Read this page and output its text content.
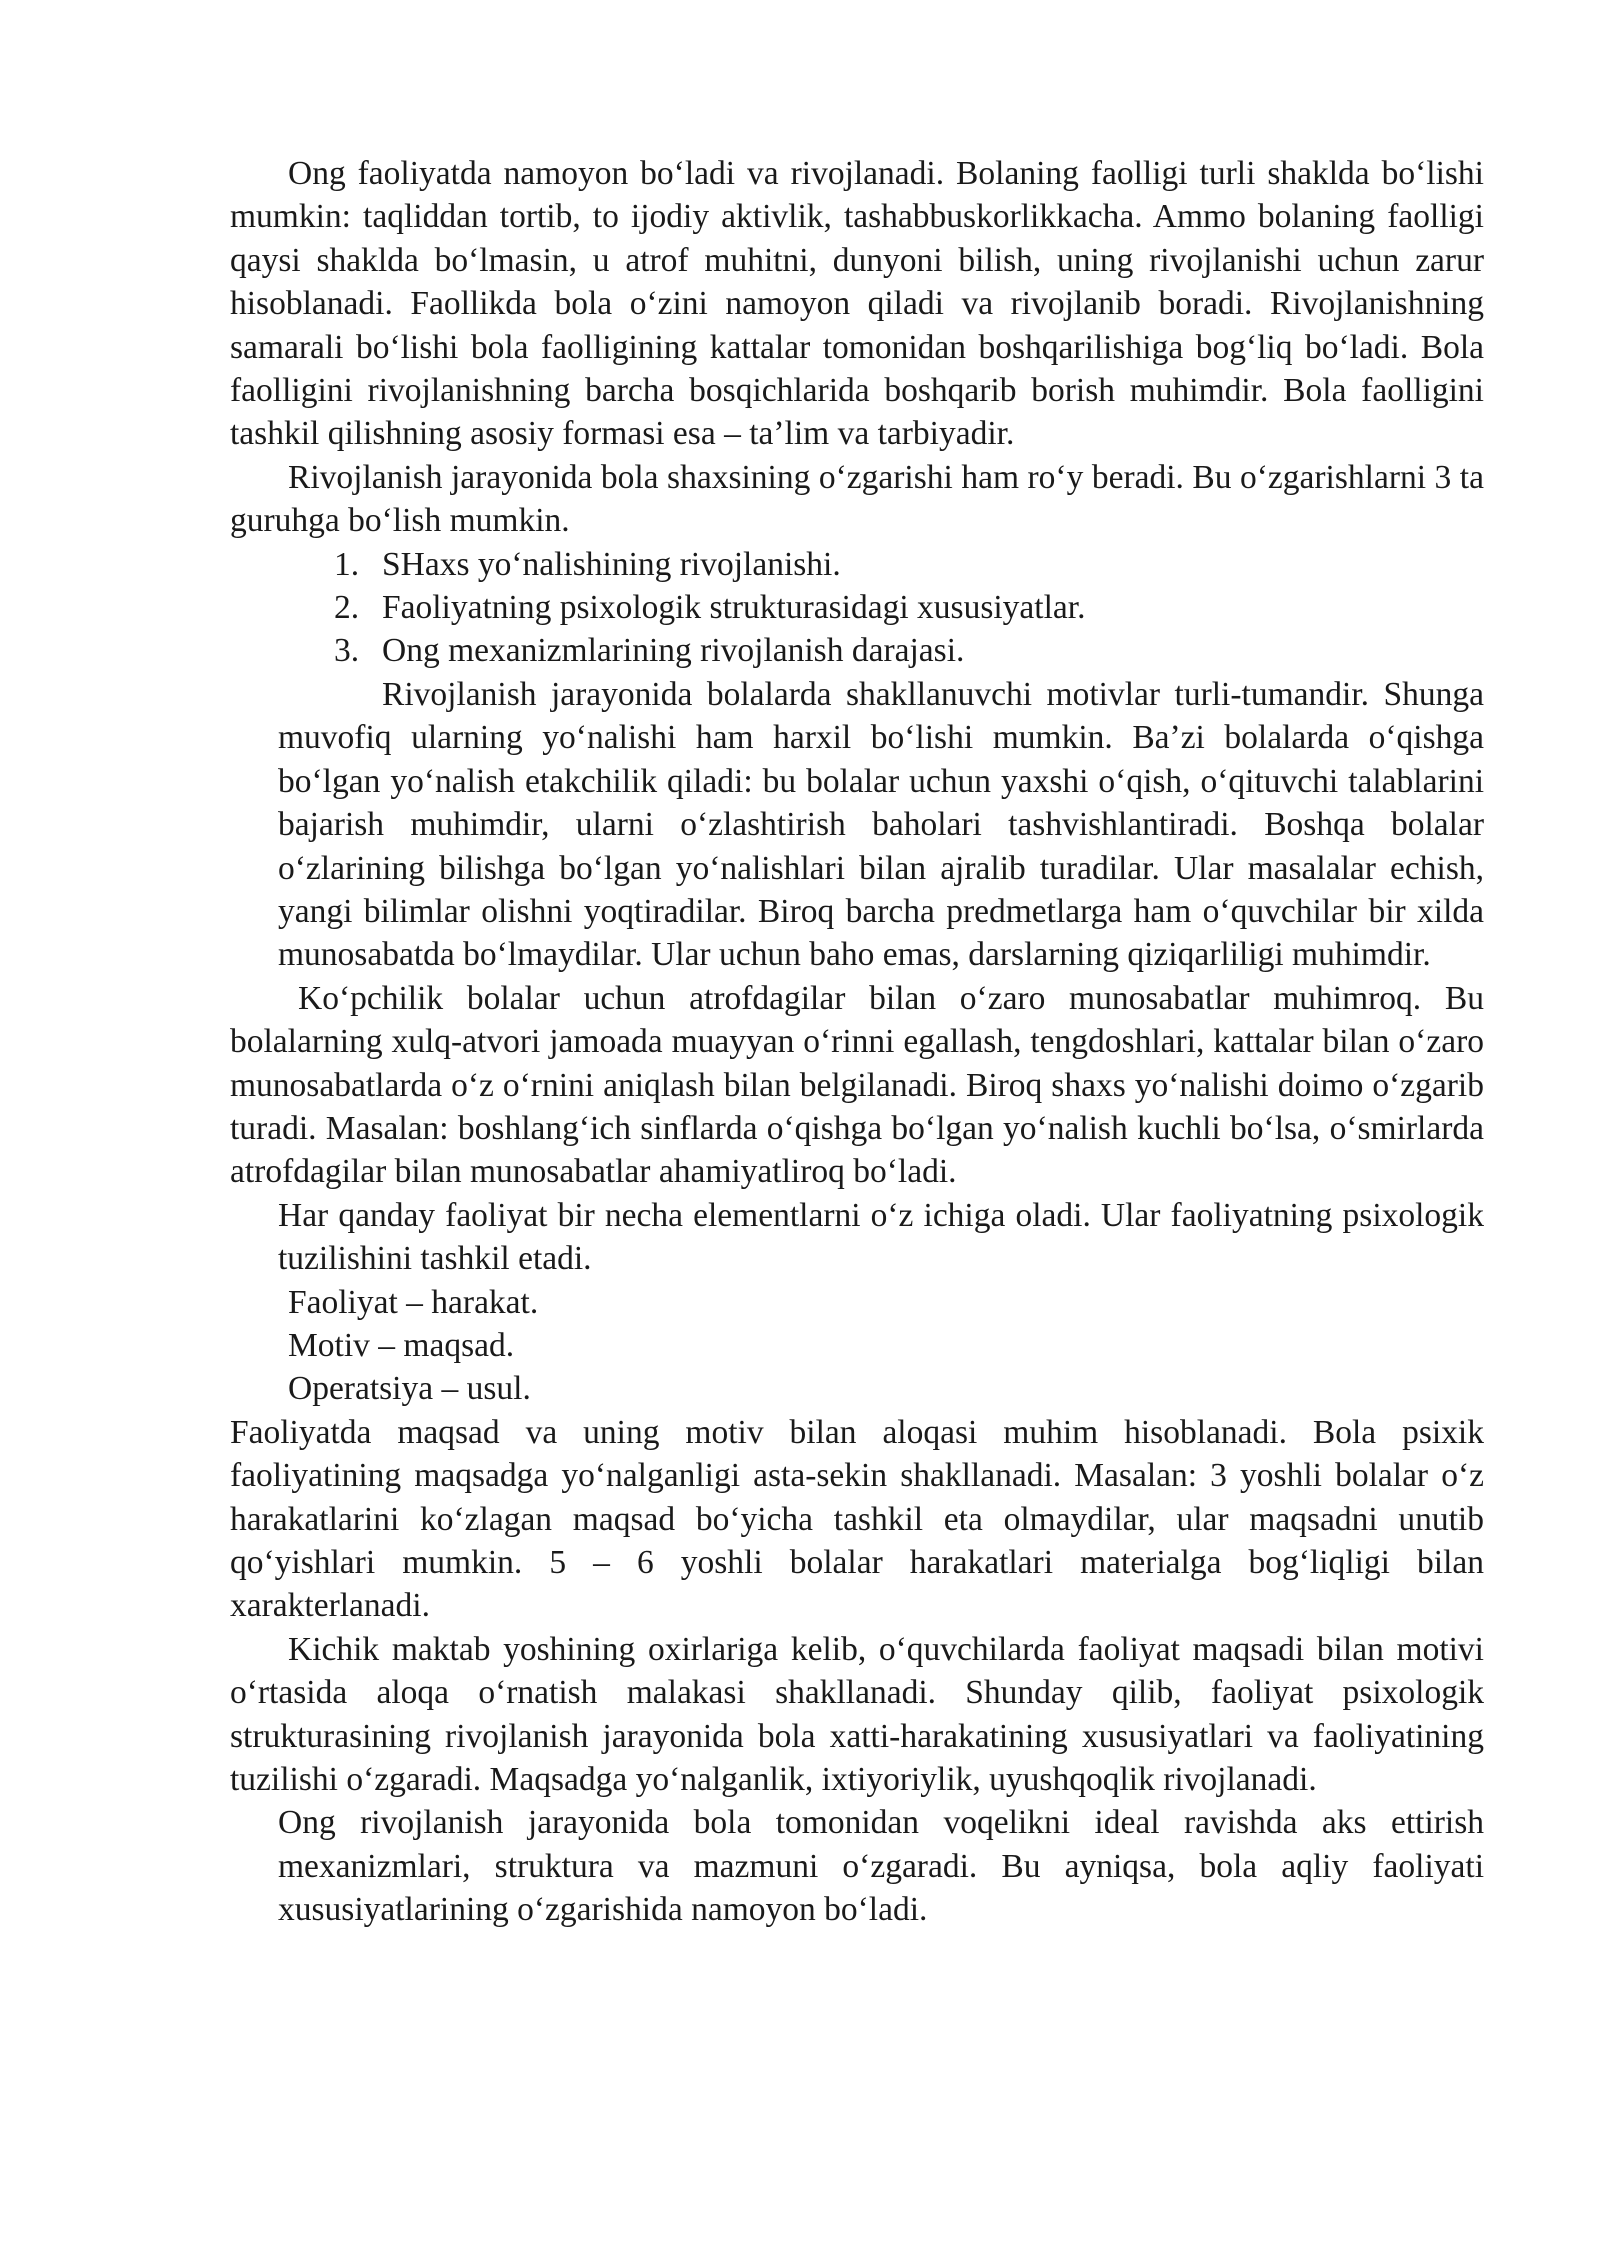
Ong faoliyatda namoyon boʻladi va rivojlanadi. Bolaning faolligi turli shaklda boʻlishi mumkin: taqliddan tortib, to ijodiy aktivlik, tashabbuskorlikkacha. Ammo bolaning faolligi qaysi shaklda boʻlmasin, u atrof muhitni, dunyoni bilish, uning rivojlanishi uchun zarur hisoblanadi. Faollikda bola oʻzini namoyon qiladi va rivojlanib boradi. Rivojlanishning samarali boʻlishi bola faolligining kattalar tomonidan boshqarilishiga bogʻliq boʻladi. Bola faolligini rivojlanishning barcha bosqichlarida boshqarib borish muhimdir. Bola faolligini tashkil qilishning asosiy formasi esa – taʼlim va tarbiyadir.

Rivojlanish jarayonida bola shaxsining oʻzgarishi ham roʻy beradi. Bu oʻzgarishlarni 3 ta guruhga boʻlish mumkin.

1. SHaxs yoʻnalishining rivojlanishi.
2. Faoliyatning psixologik strukturasidagi xususiyatlar.
3. Ong mexanizmlarining rivojlanish darajasi.

Rivojlanish jarayonida bolalarda shakllanuvchi motivlar turli-tumandir. Shunga muvofiq ularning yoʻnalishi ham harxil boʻlishi mumkin. Baʼzi bolalarda oʻqishga boʻlgan yoʻnalish etakchilik qiladi: bu bolalar uchun yaxshi oʻqish, oʻqituvchi talablarini bajarish muhimdir, ularni oʻzlashtirish baholari tashvishlantiradi. Boshqa bolalar oʻzlarining bilishga boʻlgan yoʻnalishlari bilan ajralib turadilar. Ular masalalar echish, yangi bilimlar olishni yoqtiradilar. Biroq barcha predmetlarga ham oʻquvchilar bir xilda munosabatda boʻlmaydilar. Ular uchun baho emas, darslarning qiziqarliligi muhimdir.

Koʻpchilik bolalar uchun atrofdagilar bilan oʻzaro munosabatlar muhimroq. Bu bolalarning xulq-atvori jamoada muayyan oʻrinni egallash, tengdoshlari, kattalar bilan oʻzaro munosabatlarda oʻz oʻrnini aniqlash bilan belgilanadi. Biroq shaxs yoʻnalishi doimo oʻzgarib turadi. Masalan: boshlangʻich sinflarda oʻqishga boʻlgan yoʻnalish kuchli boʻlsa, oʻsmirlarda atrofdagilar bilan munosabatlar ahamiyatliroq boʻladi.

Har qanday faoliyat bir necha elementlarni oʻz ichiga oladi. Ular faoliyatning psixologik tuzilishini tashkil etadi.

Faoliyat – harakat.

Motiv – maqsad.

Operatsiya – usul.

Faoliyatda maqsad va uning motiv bilan aloqasi muhim hisoblanadi. Bola psixik faoliyatining maqsadga yoʻnalganligi asta-sekin shakllanadi. Masalan: 3 yoshli bolalar oʻz harakatlarini koʻzlagan maqsad boʻyicha tashkil eta olmaydilar, ular maqsadni unutib qoʻyishlari mumkin. 5 – 6 yoshli bolalar harakatlari materialga bogʻliqligi bilan xarakterlanadi.

Kichik maktab yoshining oxirlariga kelib, oʻquvchilarda faoliyat maqsadi bilan motivi oʻrtasida aloqa oʻrnatish malakasi shakllanadi. Shunday qilib, faoliyat psixologik strukturasining rivojlanish jarayonida bola xatti-harakatining xususiyatlari va faoliyatining tuzilishi oʻzgaradi. Maqsadga yoʻnalganlik, ixtiyoriylik, uyushqoqlik rivojlanadi.

Ong rivojlanish jarayonida bola tomonidan voqelikni ideal ravishda aks ettirish mexanizmlari, struktura va mazmuni oʻzgaradi. Bu ayniqsa, bola aqliy faoliyati xususiyatlarining oʻzgarishida namoyon boʻladi.
